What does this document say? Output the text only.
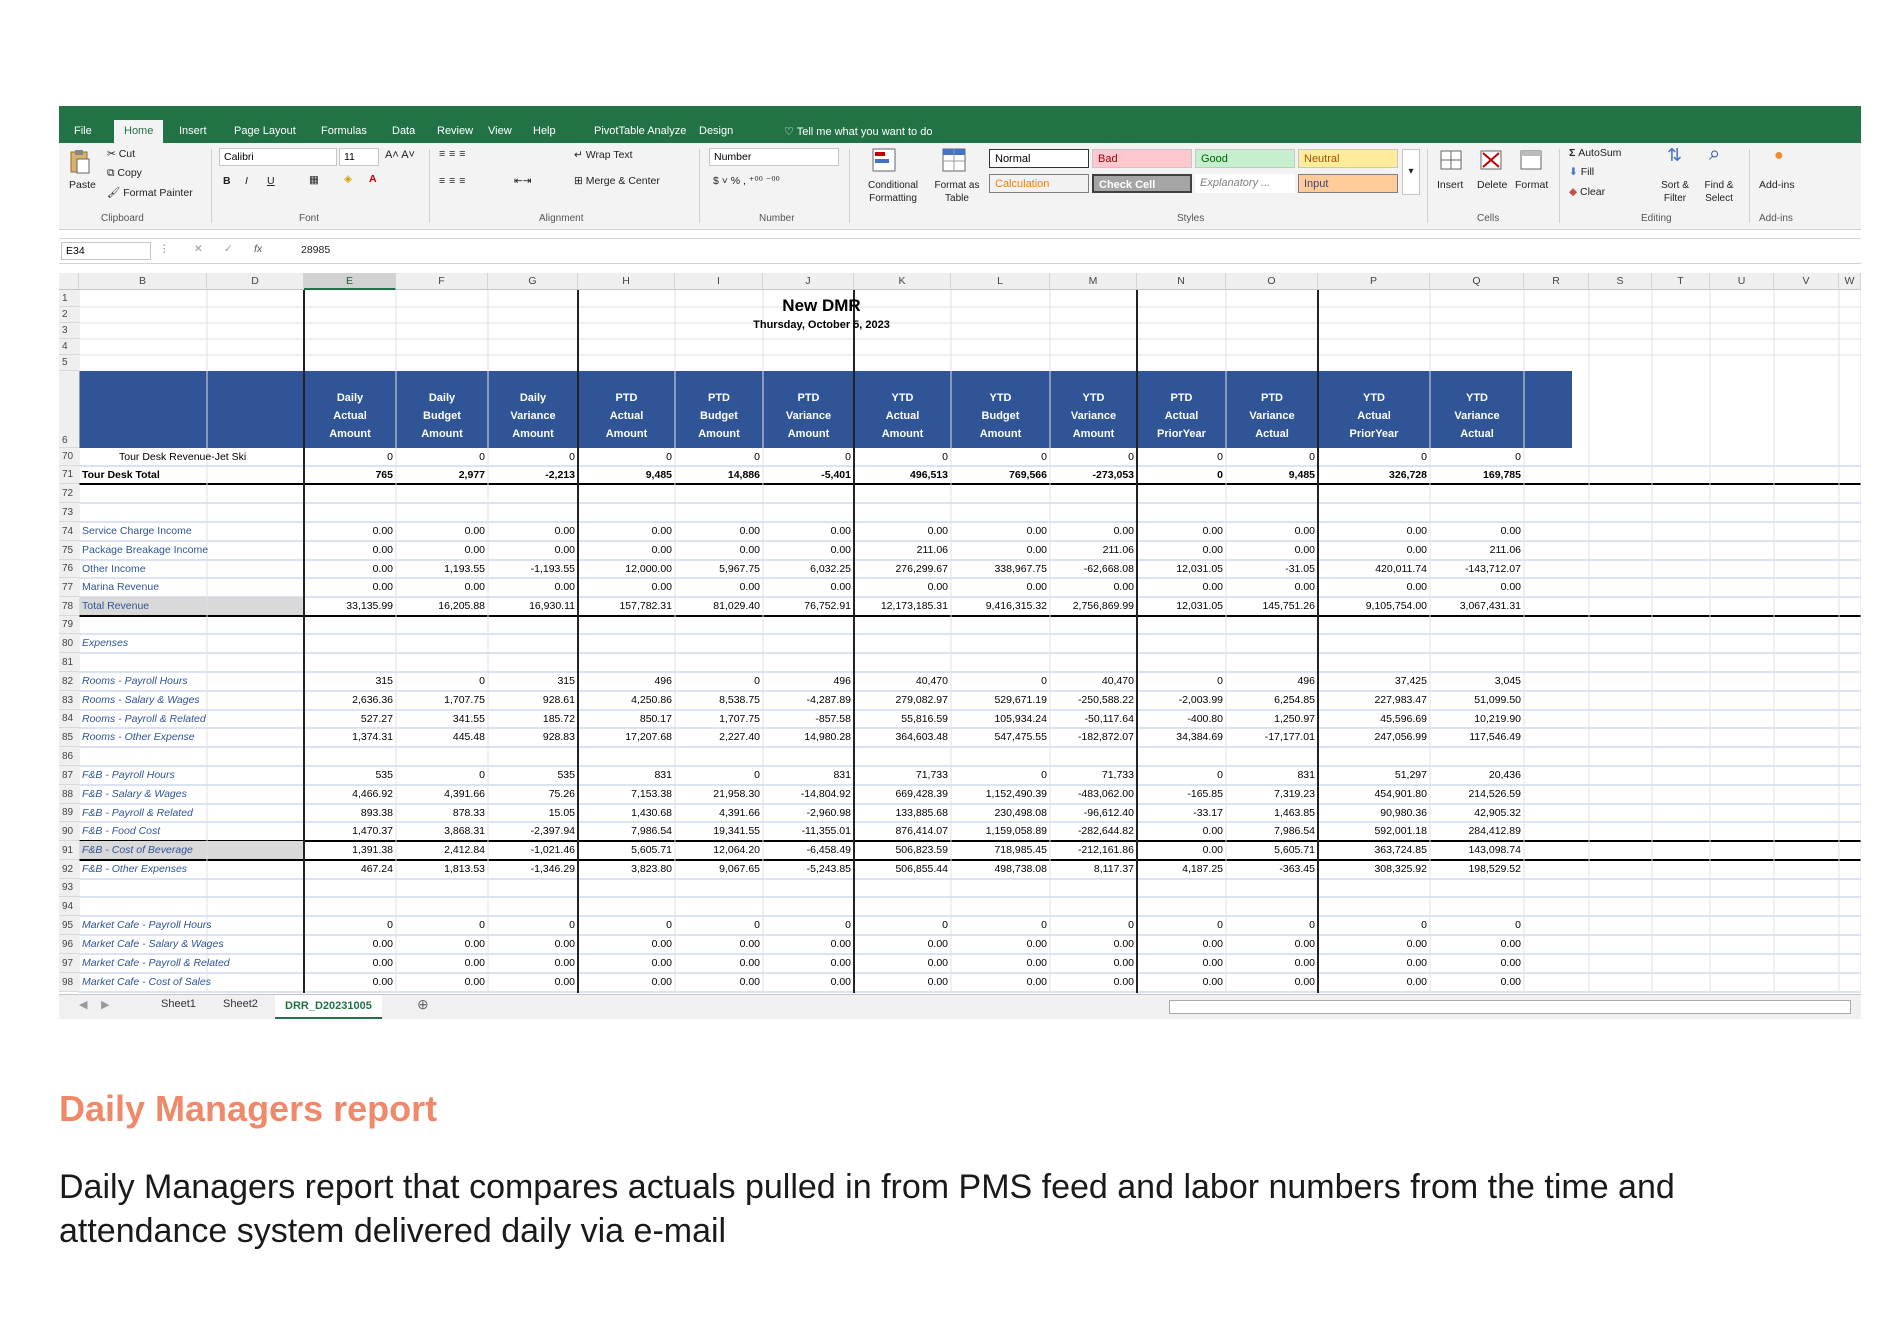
File	Home	Insert Page Layout Formulas Data Review View Help	PivotTable Analyze Design	♡ Tell me what you want to do
Paste
✂ Cut
⧉ Copy
🖌 Format Painter
Clipboard
Calibri	11	A˄ A˅
B I U	▦ ◈ A
Font
≡≡≡
≡≡≡	⇤⇥
↵ Wrap Text
⊞ Merge & Center
Alignment
Number
$ ˅ % , ⁺⁰⁰ ⁻⁰⁰
Number
Conditional Formatting
Format as Table
Normal	Bad	Good	Neutral
Calculation	Check Cell	Explanatory ...	Input
▾
Styles
Insert Delete Format
Cells
Σ AutoSum
⬇ Fill
◆ Clear
⇅
Sort & Filter
⌕
Find & Select
Editing
●
Add-ins
Add-ins
E34	⋮ ✕ ✓ fx	28985
New DMR
Thursday, October 5, 2023
B	D	E	F	G	H	I	J	K	L	M	N	O	P	Q	R	S	T	U	V	W
1
2
3
4
5
6
Daily
Actual
Amount
Daily
Budget
Amount
Daily
Variance
Amount
PTD
Actual
Amount
PTD
Budget
Amount
PTD
Variance
Amount
YTD
Actual
Amount
YTD
Budget
Amount
YTD
Variance
Amount
PTD
Actual
PriorYear
PTD
Variance
Actual
YTD
Actual
PriorYear
YTD
Variance
Actual
70	Tour Desk Revenue-Jet Ski	0	0	0	0	0	0	0	0	0	0	0	0	0
71 Tour Desk Total	765	2,977	-2,213	9,485	14,886	-5,401	496,513	769,566	-273,053	0	9,485	326,728	169,785
72
73
74 Service Charge Income	0.00	0.00	0.00	0.00	0.00	0.00	0.00	0.00	0.00	0.00	0.00	0.00	0.00
75 Package Breakage Income	0.00	0.00	0.00	0.00	0.00	0.00	211.06	0.00	211.06	0.00	0.00	0.00	211.06
76 Other Income	0.00	1,193.55	-1,193.55	12,000.00	5,967.75	6,032.25	276,299.67	338,967.75	-62,668.08	12,031.05	-31.05	420,011.74	-143,712.07
77 Marina Revenue	0.00	0.00	0.00	0.00	0.00	0.00	0.00	0.00	0.00	0.00	0.00	0.00	0.00
78 Total Revenue	33,135.99	16,205.88	16,930.11	157,782.31	81,029.40	76,752.91	12,173,185.31	9,416,315.32	2,756,869.99	12,031.05	145,751.26	9,105,754.00	3,067,431.31
79
80 Expenses
81
82 Rooms - Payroll Hours	315	0	315	496	0	496	40,470	0	40,470	0	496	37,425	3,045
83 Rooms - Salary & Wages	2,636.36	1,707.75	928.61	4,250.86	8,538.75	-4,287.89	279,082.97	529,671.19	-250,588.22	-2,003.99	6,254.85	227,983.47	51,099.50
84 Rooms - Payroll & Related	527.27	341.55	185.72	850.17	1,707.75	-857.58	55,816.59	105,934.24	-50,117.64	-400.80	1,250.97	45,596.69	10,219.90
85 Rooms - Other Expense	1,374.31	445.48	928.83	17,207.68	2,227.40	14,980.28	364,603.48	547,475.55	-182,872.07	34,384.69	-17,177.01	247,056.99	117,546.49
86
87 F&B - Payroll Hours	535	0	535	831	0	831	71,733	0	71,733	0	831	51,297	20,436
88 F&B - Salary & Wages	4,466.92	4,391.66	75.26	7,153.38	21,958.30	-14,804.92	669,428.39	1,152,490.39	-483,062.00	-165.85	7,319.23	454,901.80	214,526.59
89 F&B - Payroll & Related	893.38	878.33	15.05	1,430.68	4,391.66	-2,960.98	133,885.68	230,498.08	-96,612.40	-33.17	1,463.85	90,980.36	42,905.32
90 F&B - Food Cost	1,470.37	3,868.31	-2,397.94	7,986.54	19,341.55	-11,355.01	876,414.07	1,159,058.89	-282,644.82	0.00	7,986.54	592,001.18	284,412.89
91 F&B - Cost of Beverage	1,391.38	2,412.84	-1,021.46	5,605.71	12,064.20	-6,458.49	506,823.59	718,985.45	-212,161.86	0.00	5,605.71	363,724.85	143,098.74
92 F&B - Other Expenses	467.24	1,813.53	-1,346.29	3,823.80	9,067.65	-5,243.85	506,855.44	498,738.08	8,117.37	4,187.25	-363.45	308,325.92	198,529.52
93
94
95 Market Cafe - Payroll Hours	0	0	0	0	0	0	0	0	0	0	0	0	0
96 Market Cafe - Salary & Wages	0.00	0.00	0.00	0.00	0.00	0.00	0.00	0.00	0.00	0.00	0.00	0.00	0.00
97 Market Cafe - Payroll & Related	0.00	0.00	0.00	0.00	0.00	0.00	0.00	0.00	0.00	0.00	0.00	0.00	0.00
98 Market Cafe - Cost of Sales	0.00	0.00	0.00	0.00	0.00	0.00	0.00	0.00	0.00	0.00	0.00	0.00	0.00
◀ ▶	Sheet1 Sheet2	DRR_D20231005	⊕
Daily Managers report
Daily Managers report that compares actuals pulled in from PMS feed and labor numbers from the time and attendance system delivered daily via e-mail
